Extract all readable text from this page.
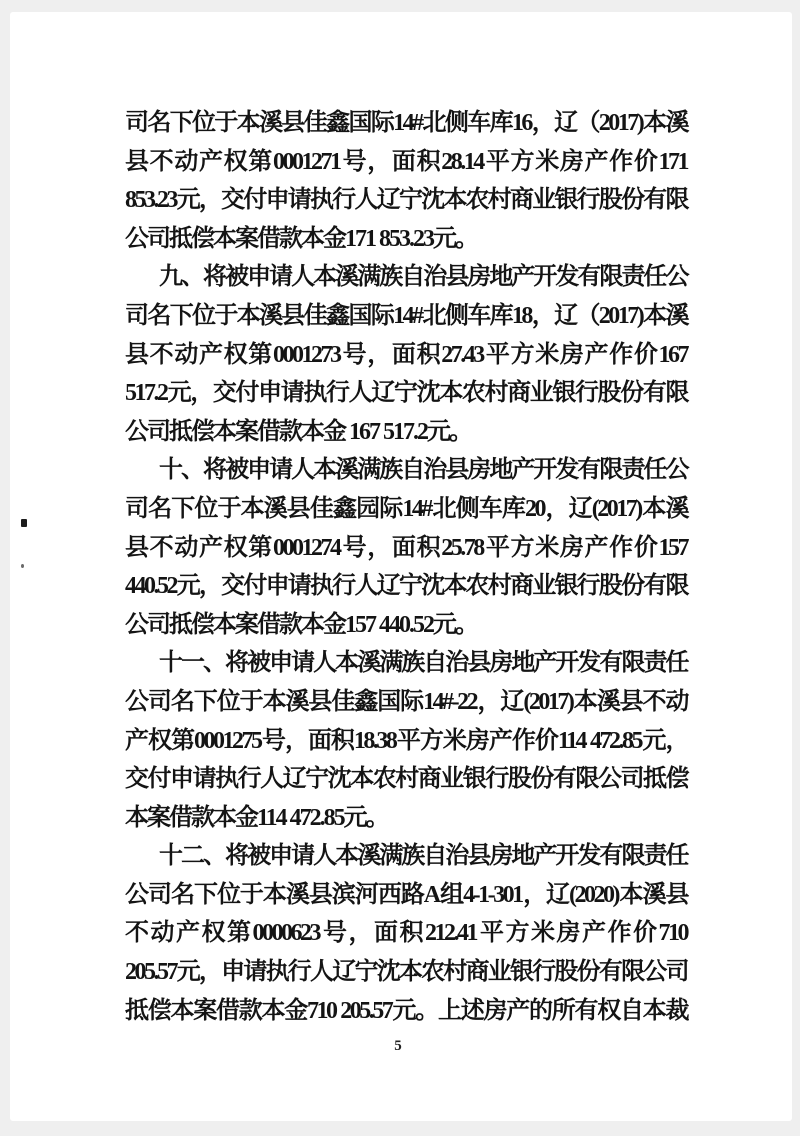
司名下位于本溪县佳鑫国际14#北侧车库16，辽（2017)本溪
县不动产权第0001271号，面积28.14平方米房产作价171
853.23元，交付申请执行人辽宁沈本农村商业银行股份有限
公司抵偿本案借款本金171 853.23元。
九、将被申请人本溪满族自治县房地产开发有限责任公
司名下位于本溪县佳鑫国际14#北侧车库18，辽（2017)本溪
县不动产权第0001273号，面积27.43平方米房产作价167
517.2元，交付申请执行人辽宁沈本农村商业银行股份有限
公司抵偿本案借款本金 167 517.2元。
十、将被申请人本溪满族自治县房地产开发有限责任公
司名下位于本溪县佳鑫园际14#北侧车库20，辽(2017)本溪
县不动产权第0001274号，面积25.78平方米房产作价157
440.52元，交付申请执行人辽宁沈本农村商业银行股份有限
公司抵偿本案借款本金157 440.52元。
十一、将被申请人本溪满族自治县房地产开发有限责任
公司名下位于本溪县佳鑫国际14#-22，辽(2017)本溪县不动
产权第0001275号，面积18.38平方米房产作价114 472.85元，
交付申请执行人辽宁沈本农村商业银行股份有限公司抵偿
本案借款本金114 472.85元。
十二、将被申请人本溪满族自治县房地产开发有限责任
公司名下位于本溪县滨河西路A组4-1-301，辽(2020)本溪县
不动产权第0000623号，面积212.41平方米房产作价710
205.57元，申请执行人辽宁沈本农村商业银行股份有限公司
抵偿本案借款本金710 205.57元。上述房产的所有权自本裁
5
